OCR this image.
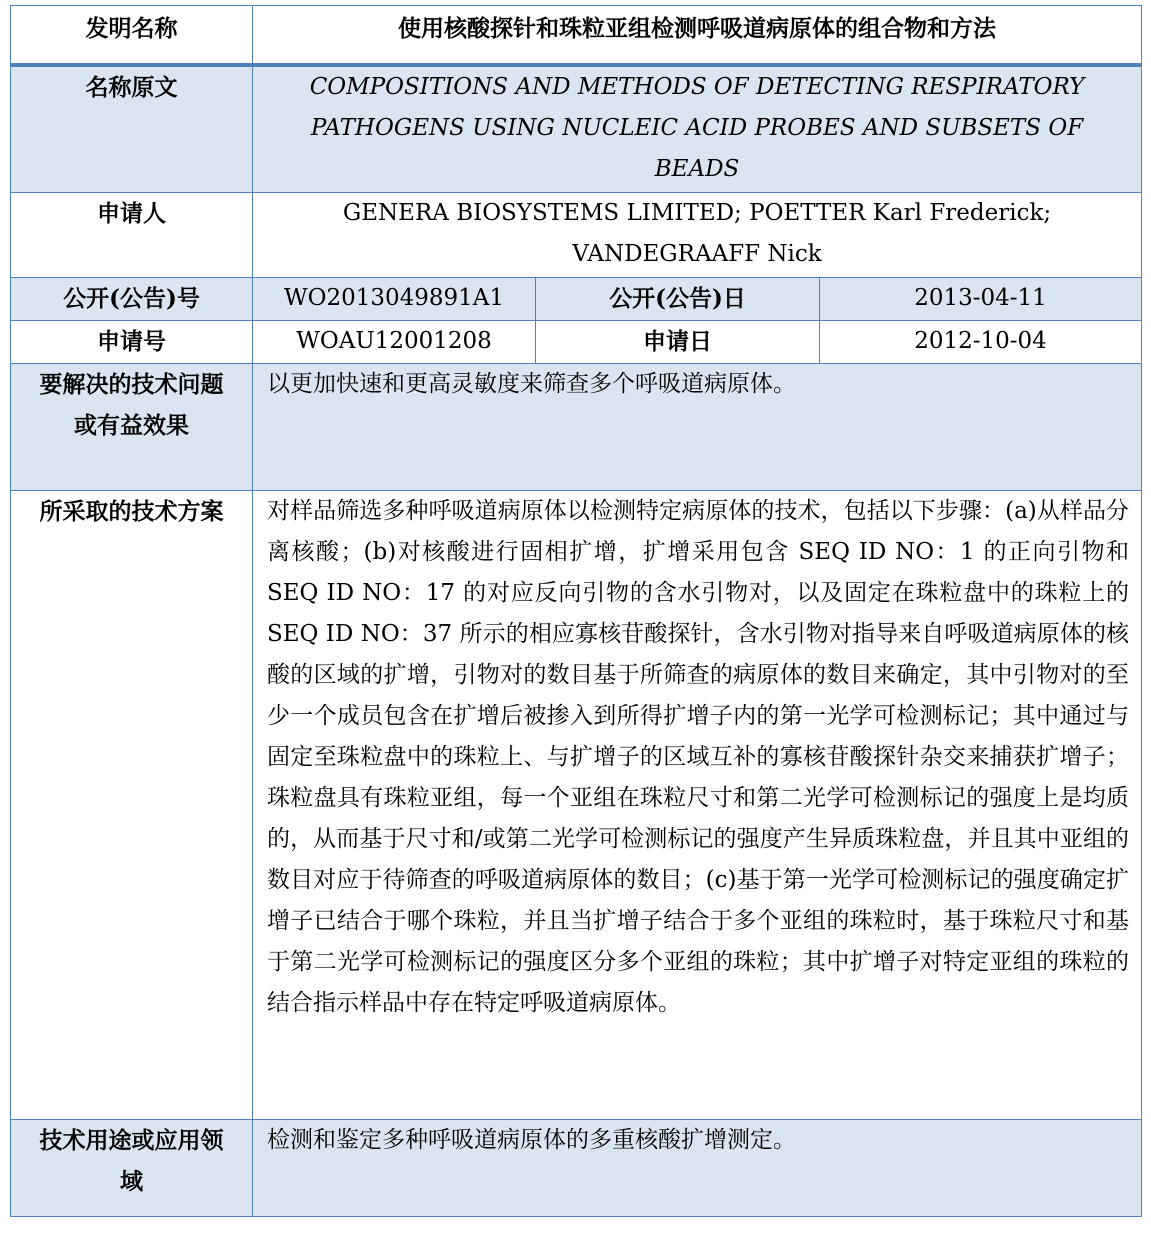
发明名称	使用核酸探针和珠粒亚组检测呼吸道病原体的组合物和方法		
名称原文	COMPOSITIONS AND METHODS OF DETECTING RESPIRATORY PATHOGENS USING NUCLEIC ACID PROBES AND SUBSETS OF BEADS		
申请人	GENERA BIOSYSTEMS LIMITED; POETTER Karl Frederick; VANDEGRAAFF Nick		
公开(公告)号	WO2013049891A1	公开(公告)日	2013-04-11
申请号	WOAU12001208	申请日	2012-10-04
要解决的技术问题或有益效果	以更加快速和更高灵敏度来筛查多个呼吸道病原体。		
所采取的技术方案	对样品筛选多种呼吸道病原体以检测特定病原体的技术，包括以下步骤：(a)从样品分离核酸；(b)对核酸进行固相扩增，扩增采用包含 SEQ ID NO：1 的正向引物和 SEQ ID NO：17 的对应反向引物的含水引物对，以及固定在珠粒盘中的珠粒上的 SEQ ID NO：37 所示的相应寡核苷酸探针，含水引物对指导来自呼吸道病原体的核酸的区域的扩增，引物对的数目基于所筛查的病原体的数目来确定，其中引物对的至少一个成员包含在扩增后被掺入到所得扩增子内的第一光学可检测标记；其中通过与固定至珠粒盘中的珠粒上、与扩增子的区域互补的寡核苷酸探针杂交来捕获扩增子；珠粒盘具有珠粒亚组，每一个亚组在珠粒尺寸和第二光学可检测标记的强度上是均质的，从而基于尺寸和/或第二光学可检测标记的强度产生异质珠粒盘，并且其中亚组的数目对应于待筛查的呼吸道病原体的数目；(c)基于第一光学可检测标记的强度确定扩增子已结合于哪个珠粒，并且当扩增子结合于多个亚组的珠粒时，基于珠粒尺寸和基于第二光学可检测标记的强度区分多个亚组的珠粒；其中扩增子对特定亚组的珠粒的结合指示样品中存在特定呼吸道病原体。		
技术用途或应用领域	检测和鉴定多种呼吸道病原体的多重核酸扩增测定。		
